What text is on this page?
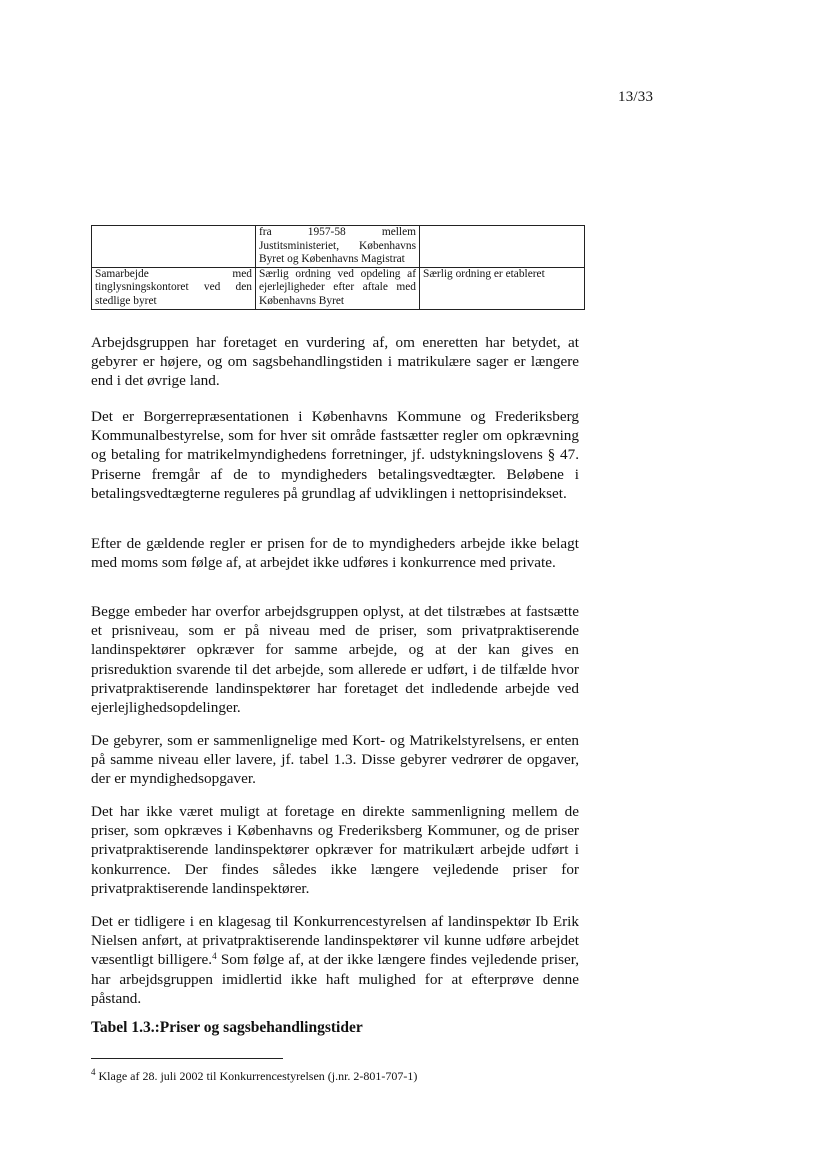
13/33
	fra 1957-58 mellem Justitsministeriet, Københavns Byret og Københavns Magistrat	
Samarbejde med tinglysningskontoret ved den stedlige byret	Særlig ordning ved opdeling af ejerlejligheder efter aftale med Københavns Byret	Særlig ordning er etableret

Arbejdsgruppen har foretaget en vurdering af, om eneretten har betydet, at gebyrer er højere, og om sagsbehandlingstiden i matrikulære sager er længere end i det øvrige land.

Det er Borgerrepræsentationen i Københavns Kommune og Frederiksberg Kommunalbestyrelse, som for hver sit område fastsætter regler om opkrævning og betaling for matrikelmyndighedens forretninger, jf. udstykningslovens § 47. Priserne fremgår af de to myndigheders betalingsvedtægter. Beløbene i betalingsvedtægterne reguleres på grundlag af udviklingen i nettoprisindekset.

Efter de gældende regler er prisen for de to myndigheders arbejde ikke belagt med moms som følge af, at arbejdet ikke udføres i konkurrence med private.

Begge embeder har overfor arbejdsgruppen oplyst, at det tilstræbes at fastsætte et prisniveau, som er på niveau med de priser, som privatpraktiserende landinspektører opkræver for samme arbejde, og at der kan gives en prisreduktion svarende til det arbejde, som allerede er udført, i de tilfælde hvor privatpraktiserende landinspektører har foretaget det indledende arbejde ved ejerlejlighedsopdelinger.

De gebyrer, som er sammenlignelige med Kort- og Matrikelstyrelsens, er enten på samme niveau eller lavere, jf. tabel 1.3. Disse gebyrer vedrører de opgaver, der er myndighedsopgaver.

Det har ikke været muligt at foretage en direkte sammenligning mellem de priser, som opkræves i Københavns og Frederiksberg Kommuner, og de priser privatpraktiserende landinspektører opkræver for matrikulært arbejde udført i konkurrence. Der findes således ikke længere vejledende priser for privatpraktiserende landinspektører.

Det er tidligere i en klagesag til Konkurrencestyrelsen af landinspektør Ib Erik Nielsen anført, at privatpraktiserende landinspektører vil kunne udføre arbejdet væsentligt billigere.$^4$ Som følge af, at der ikke længere findes vejledende priser, har arbejdsgruppen imidlertid ikke haft mulighed for at efterprøve denne påstand.

Tabel 1.3.:Priser og sagsbehandlingstider

$^4$ Klage af 28. juli 2002 til Konkurrencestyrelsen (j.nr. 2-801-707-1)
